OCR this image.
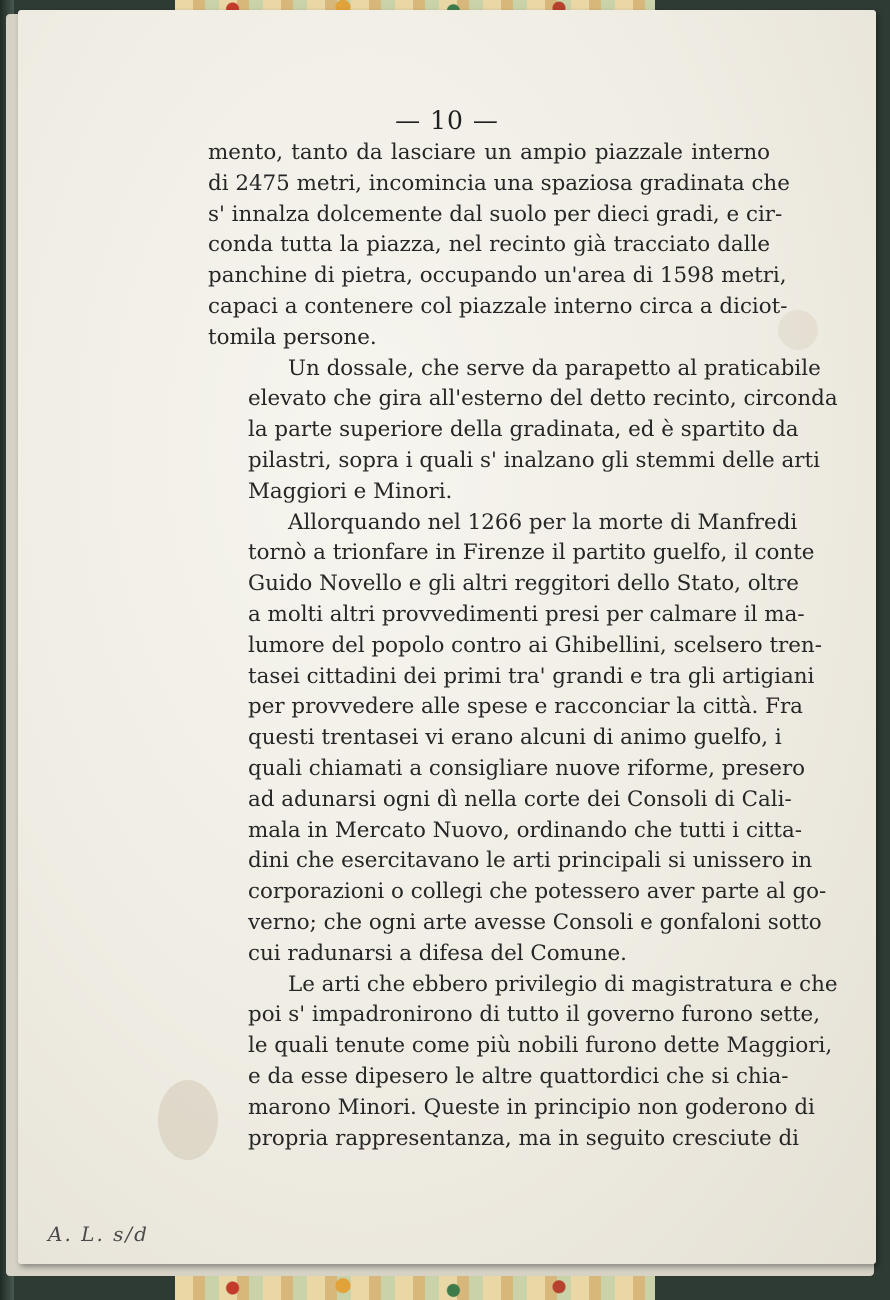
— 10 —
mento, tanto da lasciare un ampio piazzale interno
di 2475 metri, incomincia una spaziosa gradinata che
s' innalza dolcemente dal suolo per dieci gradi, e cir-
conda tutta la piazza, nel recinto già tracciato dalle
panchine di pietra, occupando un'area di 1598 metri,
capaci a contenere col piazzale interno circa a diciot-
tomila persone.
Un dossale, che serve da parapetto al praticabile
elevato che gira all'esterno del detto recinto, circonda
la parte superiore della gradinata, ed è spartito da
pilastri, sopra i quali s' inalzano gli stemmi delle arti
Maggiori e Minori.
Allorquando nel 1266 per la morte di Manfredi
tornò a trionfare in Firenze il partito guelfo, il conte
Guido Novello e gli altri reggitori dello Stato, oltre
a molti altri provvedimenti presi per calmare il ma-
lumore del popolo contro ai Ghibellini, scelsero tren-
tasei cittadini dei primi tra' grandi e tra gli artigiani
per provvedere alle spese e racconciar la città. Fra
questi trentasei vi erano alcuni di animo guelfo, i
quali chiamati a consigliare nuove riforme, presero
ad adunarsi ogni dì nella corte dei Consoli di Cali-
mala in Mercato Nuovo, ordinando che tutti i citta-
dini che esercitavano le arti principali si unissero in
corporazioni o collegi che potessero aver parte al go-
verno; che ogni arte avesse Consoli e gonfaloni sotto
cui radunarsi a difesa del Comune.
Le arti che ebbero privilegio di magistratura e che
poi s' impadronirono di tutto il governo furono sette,
le quali tenute come più nobili furono dette Maggiori,
e da esse dipesero le altre quattordici che si chia-
marono Minori. Queste in principio non goderono di
propria rappresentanza, ma in seguito cresciute di
A. L. s/d
